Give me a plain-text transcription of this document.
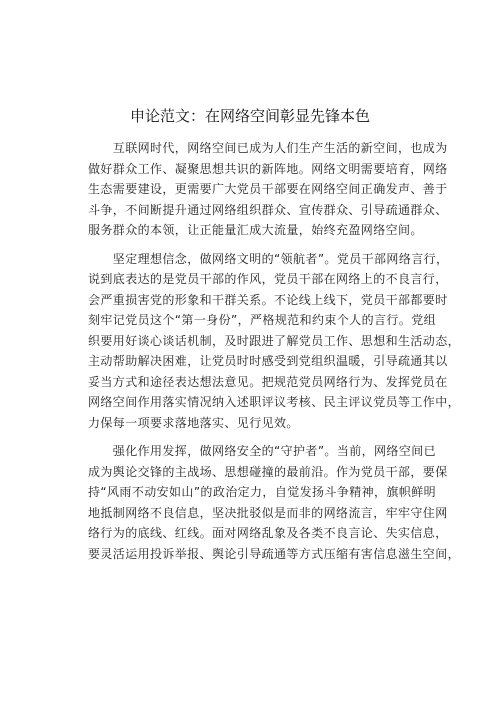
申论范文：在网络空间彰显先锋本色

　　互联网时代，网络空间已成为人们生产生活的新空间，也成为
做好群众工作、凝聚思想共识的新阵地。网络文明需要培育，网络
生态需要建设，更需要广大党员干部要在网络空间正确发声、善于
斗争，不间断提升通过网络组织群众、宣传群众、引导疏通群众、
服务群众的本领，让正能量汇成大流量，始终充盈网络空间。

　　坚定理想信念，做网络文明的“领航者”。党员干部网络言行，
说到底表达的是党员干部的作风，党员干部在网络上的不良言行，
会严重损害党的形象和干群关系。不论线上线下，党员干部都要时
刻牢记党员这个“第一身份”，严格规范和约束个人的言行。党组
织要用好谈心谈话机制，及时跟进了解党员工作、思想和生活动态，
主动帮助解决困难，让党员时时感受到党组织温暖，引导疏通其以
妥当方式和途径表达想法意见。把规范党员网络行为、发挥党员在
网络空间作用落实情况纳入述职评议考核、民主评议党员等工作中，
力保每一项要求落地落实、见行见效。

　　强化作用发挥，做网络安全的“守护者”。当前，网络空间已
成为舆论交锋的主战场、思想碰撞的最前沿。作为党员干部，要保
持“风雨不动安如山”的政治定力，自觉发扬斗争精神，旗帜鲜明
地抵制网络不良信息，坚决批驳似是而非的网络流言，牢牢守住网
络行为的底线、红线。面对网络乱象及各类不良言论、失实信息，
要灵活运用投诉举报、舆论引导疏通等方式压缩有害信息滋生空间，
